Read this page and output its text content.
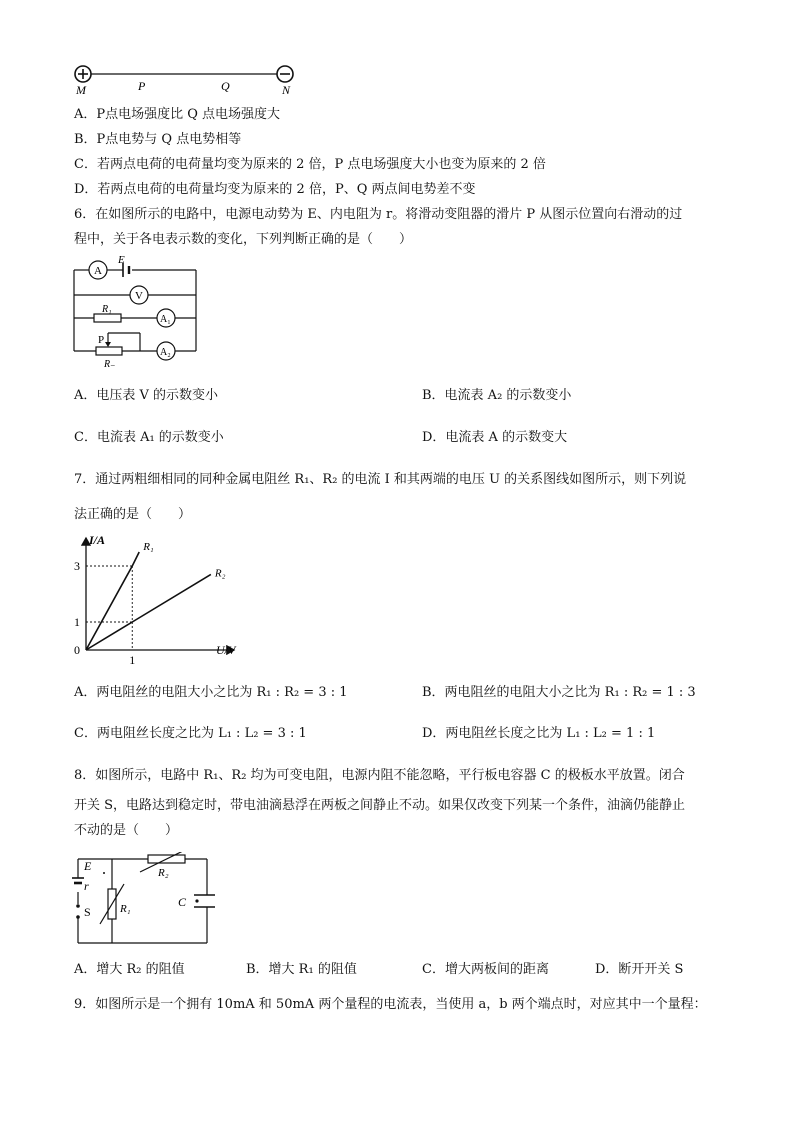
M	P	Q	N
A．P点电场强度比 Q 点电场强度大
B．P点电势与 Q 点电势相等
C．若两点电荷的电荷量均变为原来的 2 倍，P 点电场强度大小也变为原来的 2 倍
D．若两点电荷的电荷量均变为原来的 2 倍，P、Q 两点间电势差不变
6．在如图所示的电路中，电源电动势为 E、内电阻为 r。将滑动变阻器的滑片 P 从图示位置向右滑动的过
程中，关于各电表示数的变化，下列判断正确的是（　　）
A
V
A₁
A₂
E
R₁
P
R₋
A．电压表 V 的示数变小	B．电流表 A₂ 的示数变小
C．电流表 A₁ 的示数变小	D．电流表 A 的示数变大
7．通过两粗细相同的同种金属电阻丝 R₁、R₂ 的电流 I 和其两端的电压 U 的关系图线如图所示，则下列说
法正确的是（　　）
U/V
I/A
0
1
3
1
R₁
R₂
A．两电阻丝的电阻大小之比为 R₁ : R₂ = 3 : 1	B．两电阻丝的电阻大小之比为 R₁ : R₂ = 1 : 3
C．两电阻丝长度之比为 L₁ : L₂ = 3 : 1	D．两电阻丝长度之比为 L₁ : L₂ = 1 : 1
8．如图所示，电路中 R₁、R₂ 均为可变电阻，电源内阻不能忽略，平行板电容器 C 的极板水平放置。闭合
开关 S，电路达到稳定时，带电油滴悬浮在两板之间静止不动。如果仅改变下列某一个条件，油滴仍能静止
不动的是（　　）
E
r
S	R₁
R₂
C
A．增大 R₂ 的阻值	B．增大 R₁ 的阻值	C．增大两板间的距离	D．断开开关 S
9．如图所示是一个拥有 10mA 和 50mA 两个量程的电流表，当使用 a，b 两个端点时，对应其中一个量程：
